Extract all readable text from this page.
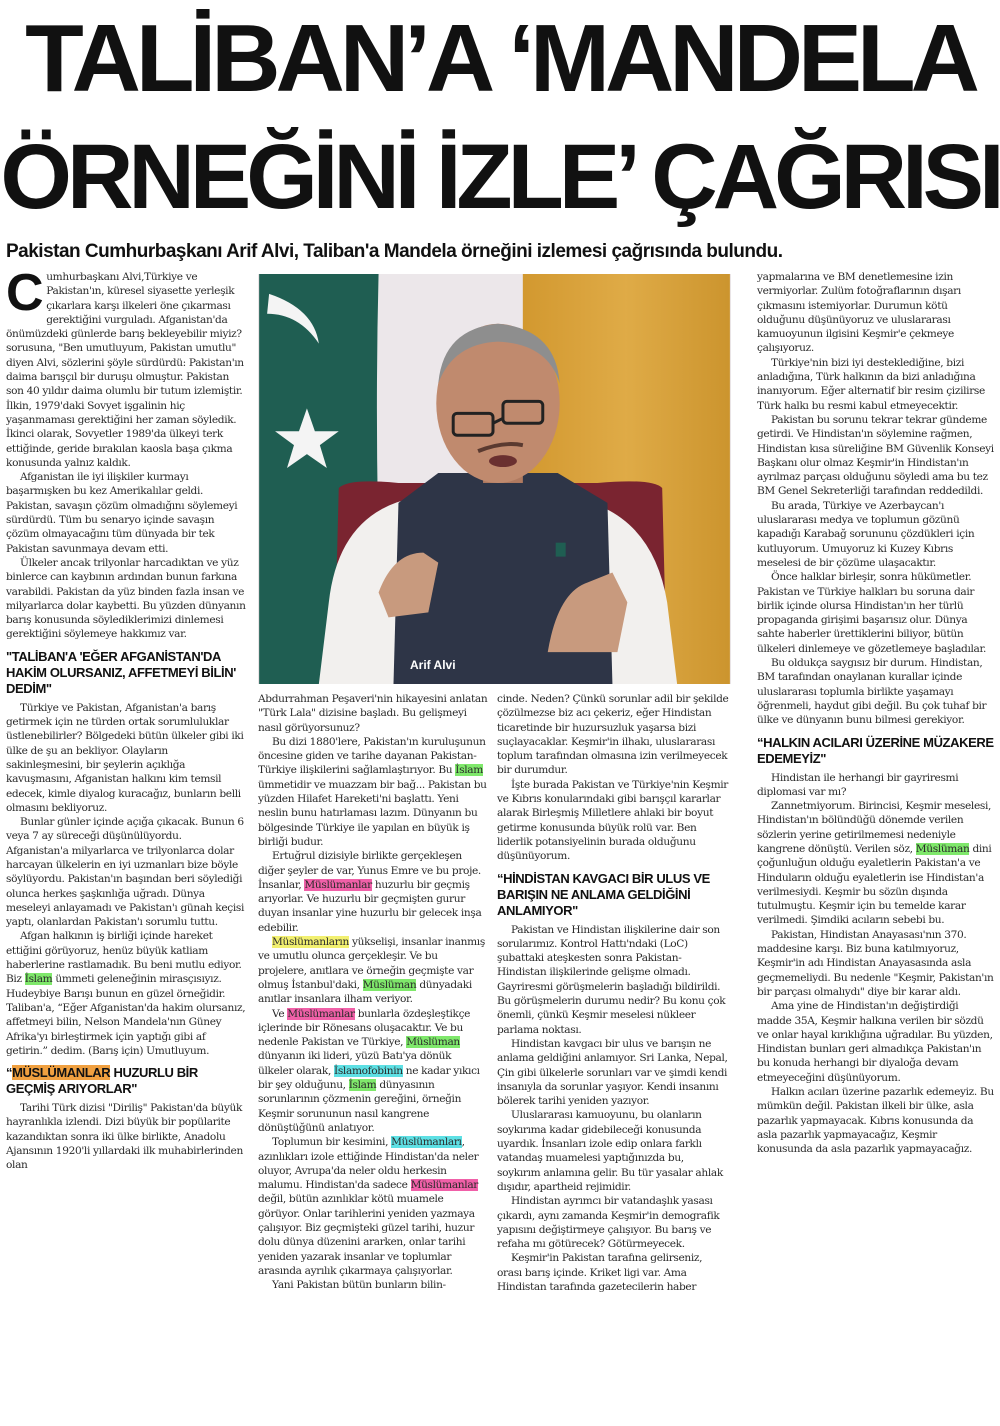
TALİBAN’A ‘MANDELA
ÖRNEĞİNİ İZLE’ ÇAĞRISI
Pakistan Cumhurbaşkanı Arif Alvi, Taliban'a Mandela örneğini izlemesi çağrısında bulundu.

Cumhurbaşkanı Alvi,Türkiye ve Pakistan'ın, küresel siyasette yerleşik çıkarlara karşı ilkeleri öne çıkarması gerektiğini vurguladı. Afganistan'da önümüzdeki günlerde barış bekleyebilir miyiz? sorusuna, "Ben umutluyum, Pakistan umutlu" diyen Alvi, sözlerini şöyle sürdürdü: Pakistan'ın daima barışçıl bir duruşu olmuştur. Pakistan son 40 yıldır daima olumlu bir tutum izlemiştir. İlkin, 1979'daki Sovyet işgalinin hiç yaşanmaması gerektiğini her zaman söyledik. İkinci olarak, Sovyetler 1989'da ülkeyi terk ettiğinde, geride bırakılan kaosla başa çıkma konusunda yalnız kaldık.

Afganistan ile iyi ilişkiler kurmayı başarmışken bu kez Amerikalılar geldi. Pakistan, savaşın çözüm olmadığını söylemeyi sürdürdü. Tüm bu senaryo içinde savaşın çözüm olmayacağını tüm dünyada bir tek Pakistan savunmaya devam etti.

Ülkeler ancak trilyonlar harcadıktan ve yüz binlerce can kaybının ardından bunun farkına varabildi. Pakistan da yüz binden fazla insan ve milyarlarca dolar kaybetti. Bu yüzden dünyanın barış konusunda söylediklerimizi dinlemesi gerektiğini söylemeye hakkımız var.

"TALİBAN'A 'EĞER AFGANİSTAN'DA HAKİM OLURSANIZ, AFFETMEYİ BİLİN' DEDİM"

Türkiye ve Pakistan, Afganistan'a barış getirmek için ne türden ortak sorumluluklar üstlenebilirler? Bölgedeki bütün ülkeler gibi iki ülke de şu an bekliyor. Olayların sakinleşmesini, bir şeylerin açıklığa kavuşmasını, Afganistan halkını kim temsil edecek, kimle diyalog kuracağız, bunların belli olmasını bekliyoruz.

Bunlar günler içinde açığa çıkacak. Bunun 6 veya 7 ay süreceği düşünülüyordu. Afganistan'a milyarlarca ve trilyonlarca dolar harcayan ülkelerin en iyi uzmanları bize böyle söylüyordu. Pakistan'ın başından beri söylediği olunca herkes şaşkınlığa uğradı. Dünya meseleyi anlayamadı ve Pakistan'ı günah keçisi yaptı, olanlardan Pakistan'ı sorumlu tuttu.

Afgan halkının iş birliği içinde hareket ettiğini görüyoruz, henüz büyük katliam haberlerine rastlamadık. Bu beni mutlu ediyor. Biz İslam ümmeti geleneğinin mirasçısıyız. Hudeybiye Barışı bunun en güzel örneğidir. Taliban'a, “Eğer Afganistan'da hakim olursanız, affetmeyi bilin, Nelson Mandela'nın Güney Afrika'yı birleştirmek için yaptığı gibi af getirin.” dedim. (Barış için) Umutluyum.

“MÜSLÜMANLAR HUZURLU BİR GEÇMİŞ ARIYORLAR"

Tarihi Türk dizisi "Diriliş" Pakistan'da büyük hayranlıkla izlendi. Dizi büyük bir popülarite kazandıktan sonra iki ülke birlikte, Anadolu Ajansının 1920'li yıllardaki ilk muhabirlerinden olan

Arif Alvi

Abdurrahman Peşaveri'nin hikayesini anlatan "Türk Lala" dizisine başladı. Bu gelişmeyi nasıl görüyorsunuz?

Bu dizi 1880'lere, Pakistan'ın kuruluşunun öncesine giden ve tarihe dayanan Pakistan-Türkiye ilişkilerini sağlamlaştırıyor. Bu İslam ümmetidir ve muazzam bir bağ... Pakistan bu yüzden Hilafet Hareketi'ni başlattı. Yeni neslin bunu hatırlaması lazım. Dünyanın bu bölgesinde Türkiye ile yapılan en büyük iş birliği budur.

Ertuğrul dizisiyle birlikte gerçekleşen diğer şeyler de var, Yunus Emre ve bu proje. İnsanlar, Müslümanlar huzurlu bir geçmiş arıyorlar. Ve huzurlu bir geçmişten gurur duyan insanlar yine huzurlu bir gelecek inşa edebilir.

Müslümanların yükselişi, insanlar inanmış ve umutlu olunca gerçekleşir. Ve bu projelere, anıtlara ve örneğin geçmişte var olmuş İstanbul'daki, Müslüman dünyadaki anıtlar insanlara ilham veriyor.

Ve Müslümanlar bunlarla özdeşleştikçe içlerinde bir Rönesans oluşacaktır. Ve bu nedenle Pakistan ve Türkiye, Müslüman dünyanın iki lideri, yüzü Batı'ya dönük ülkeler olarak, İslamofobinin ne kadar yıkıcı bir şey olduğunu, İslam dünyasının sorunlarının çözmenin gereğini, örneğin Keşmir sorununun nasıl kangrene dönüştüğünü anlatıyor.

Toplumun bir kesimini, Müslümanları, azınlıkları izole ettiğinde Hindistan'da neler oluyor, Avrupa'da neler oldu herkesin malumu. Hindistan'da sadece Müslümanlar değil, bütün azınlıklar kötü muamele görüyor. Onlar tarihlerini yeniden yazmaya çalışıyor. Biz geçmişteki güzel tarihi, huzur dolu dünya düzenini ararken, onlar tarihi yeniden yazarak insanlar ve toplumlar arasında ayrılık çıkarmaya çalışıyorlar.

Yani Pakistan bütün bunların bilin-

cinde. Neden? Çünkü sorunlar adil bir şekilde çözülmezse biz acı çekeriz, eğer Hindistan ticaretinde bir huzursuzluk yaşarsa bizi suçlayacaklar. Keşmir'in ilhakı, uluslararası toplum tarafından olmasına izin verilmeyecek bir durumdur.

İşte burada Pakistan ve Türkiye'nin Keşmir ve Kıbrıs konularındaki gibi barışçıl kararlar alarak Birleşmiş Milletlere ahlaki bir boyut getirme konusunda büyük rolü var. Ben liderlik potansiyelinin burada olduğunu düşünüyorum.

“HİNDİSTAN KAVGACI BİR ULUS VE BARIŞIN NE ANLAMA GELDİĞİNİ ANLAMIYOR"

Pakistan ve Hindistan ilişkilerine dair son sorularımız. Kontrol Hattı'ndaki (LoC) şubattaki ateşkesten sonra Pakistan-Hindistan ilişkilerinde gelişme olmadı. Gayriresmi görüşmelerin başladığı bildirildi. Bu görüşmelerin durumu nedir? Bu konu çok önemli, çünkü Keşmir meselesi nükleer parlama noktası.

Hindistan kavgacı bir ulus ve barışın ne anlama geldiğini anlamıyor. Sri Lanka, Nepal, Çin gibi ülkelerle sorunları var ve şimdi kendi insanıyla da sorunlar yaşıyor. Kendi insanını bölerek tarihi yeniden yazıyor.

Uluslararası kamuoyunu, bu olanların soykırıma kadar gidebileceği konusunda uyardık. İnsanları izole edip onlara farklı vatandaş muamelesi yaptığınızda bu, soykırım anlamına gelir. Bu tür yasalar ahlak dışıdır, apartheid rejimidir.

Hindistan ayrımcı bir vatandaşlık yasası çıkardı, aynı zamanda Keşmir'in demografik yapısını değiştirmeye çalışıyor. Bu barış ve refaha mı götürecek? Götürmeyecek.

Keşmir'in Pakistan tarafına gelirseniz, orası barış içinde. Kriket ligi var. Ama Hindistan tarafında gazetecilerin haber

yapmalarına ve BM denetlemesine izin vermiyorlar. Zulüm fotoğraflarının dışarı çıkmasını istemiyorlar. Durumun kötü olduğunu düşünüyoruz ve uluslararası kamuoyunun ilgisini Keşmir'e çekmeye çalışıyoruz.

Türkiye'nin bizi iyi desteklediğine, bizi anladığına, Türk halkının da bizi anladığına inanıyorum. Eğer alternatif bir resim çizilirse Türk halkı bu resmi kabul etmeyecektir.

Pakistan bu sorunu tekrar tekrar gündeme getirdi. Ve Hindistan'ın söylemine rağmen, Hindistan kısa süreliğine BM Güvenlik Konseyi Başkanı olur olmaz Keşmir'in Hindistan'ın ayrılmaz parçası olduğunu söyledi ama bu tez BM Genel Sekreterliği tarafından reddedildi.

Bu arada, Türkiye ve Azerbaycan'ı uluslararası medya ve toplumun gözünü kapadığı Karabağ sorununu çözdükleri için kutluyorum. Umuyoruz ki Kuzey Kıbrıs meselesi de bir çözüme ulaşacaktır.

Önce halklar birleşir, sonra hükümetler. Pakistan ve Türkiye halkları bu soruna dair birlik içinde olursa Hindistan'ın her türlü propaganda girişimi başarısız olur. Dünya sahte haberler ürettiklerini biliyor, bütün ülkeleri dinlemeye ve gözetlemeye başladılar.

Bu oldukça saygısız bir durum. Hindistan, BM tarafından onaylanan kurallar içinde uluslararası toplumla birlikte yaşamayı öğrenmeli, haydut gibi değil. Bu çok tuhaf bir ülke ve dünyanın bunu bilmesi gerekiyor.

“HALKIN ACILARI ÜZERİNE MÜZAKERE EDEMEYİZ"

Hindistan ile herhangi bir gayriresmi diplomasi var mı?

Zannetmiyorum. Birincisi, Keşmir meselesi, Hindistan'ın bölündüğü dönemde verilen sözlerin yerine getirilmemesi nedeniyle kangrene dönüştü. Verilen söz, Müslüman dini çoğunluğun olduğu eyaletlerin Pakistan'a ve Hinduların olduğu eyaletlerin ise Hindistan'a verilmesiydi. Keşmir bu sözün dışında tutulmuştu. Keşmir için bu temelde karar verilmedi. Şimdiki acıların sebebi bu.

Pakistan, Hindistan Anayasası'nın 370. maddesine karşı. Biz buna katılmıyoruz, Keşmir'in adı Hindistan Anayasasında asla geçmemeliydi. Bu nedenle "Keşmir, Pakistan'ın bir parçası olmalıydı" diye bir karar aldı.

Ama yine de Hindistan'ın değiştirdiği madde 35A, Keşmir halkına verilen bir sözdü ve onlar hayal kırıklığına uğradılar. Bu yüzden, Hindistan bunları geri almadıkça Pakistan'ın bu konuda herhangi bir diyaloğa devam etmeyeceğini düşünüyorum.

Halkın acıları üzerine pazarlık edemeyiz. Bu mümkün değil. Pakistan ilkeli bir ülke, asla pazarlık yapmayacak. Kıbrıs konusunda da asla pazarlık yapmayacağız, Keşmir konusunda da asla pazarlık yapmayacağız.
